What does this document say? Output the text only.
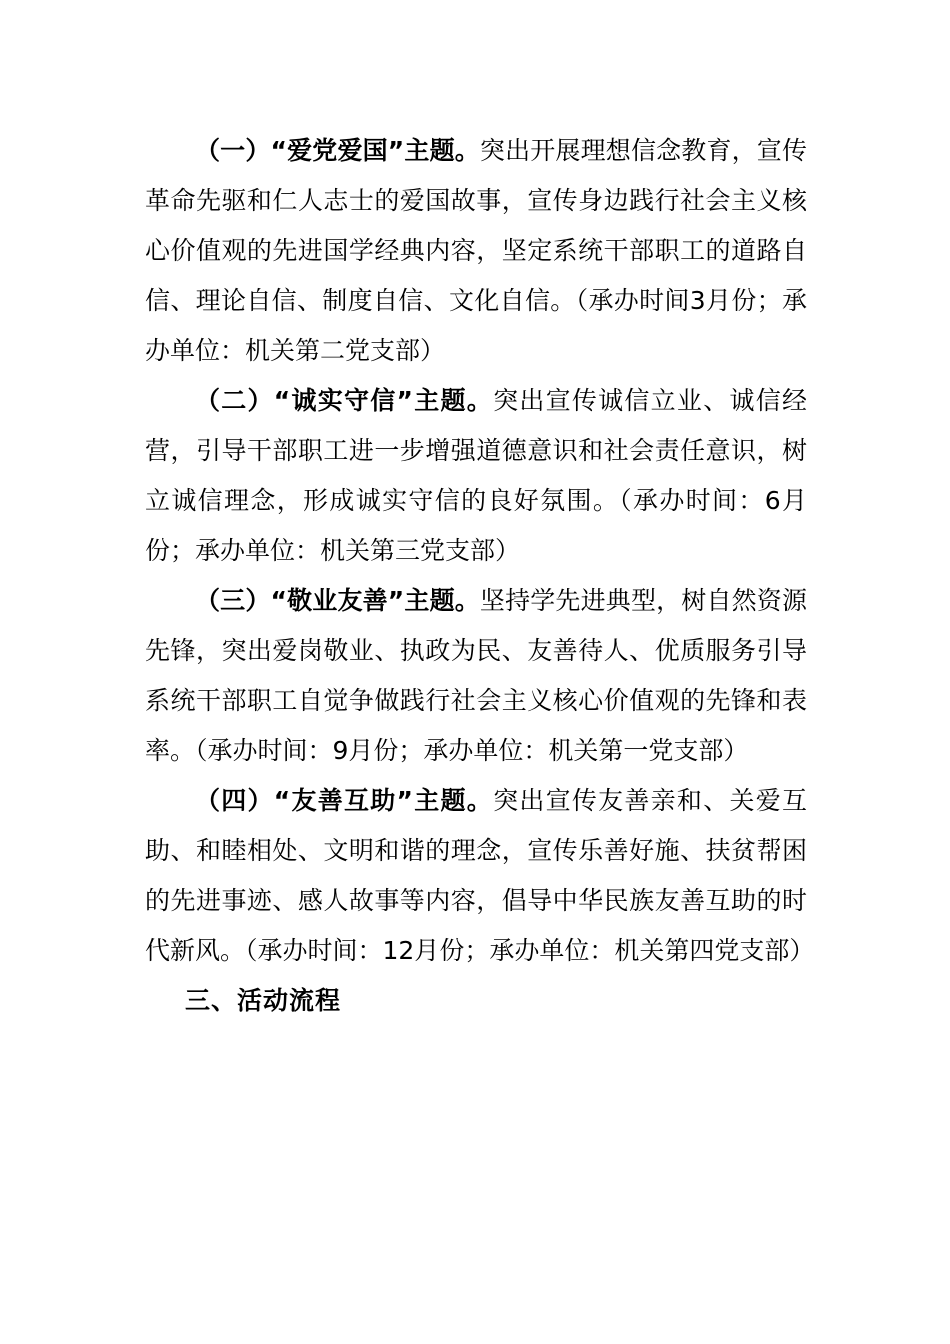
（一）“爱党爱国”主题。突出开展理想信念教育，宣传革命先驱和仁人志士的爱国故事，宣传身边践行社会主义核心价值观的先进国学经典内容，坚定系统干部职工的道路自信、理论自信、制度自信、文化自信。（承办时间3月份；承办单位：机关第二党支部）

（二）“诚实守信”主题。突出宣传诚信立业、诚信经营，引导干部职工进一步增强道德意识和社会责任意识，树立诚信理念，形成诚实守信的良好氛围。（承办时间：6月份；承办单位：机关第三党支部）

（三）“敬业友善”主题。坚持学先进典型，树自然资源先锋，突出爱岗敬业、执政为民、友善待人、优质服务引导系统干部职工自觉争做践行社会主义核心价值观的先锋和表率。（承办时间：9月份；承办单位：机关第一党支部）

（四）“友善互助”主题。突出宣传友善亲和、关爱互助、和睦相处、文明和谐的理念，宣传乐善好施、扶贫帮困的先进事迹、感人故事等内容，倡导中华民族友善互助的时代新风。（承办时间：12月份；承办单位：机关第四党支部）

三、活动流程
